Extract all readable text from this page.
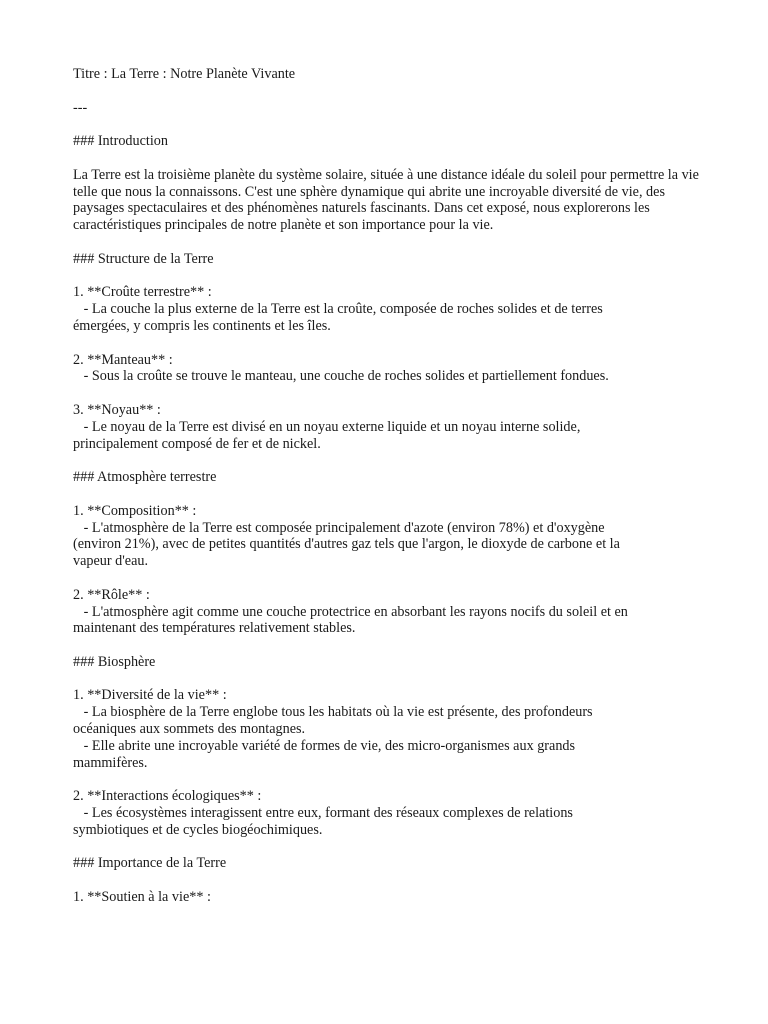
Titre : La Terre : Notre Planète Vivante
---
### Introduction
La Terre est la troisième planète du système solaire, située à une distance idéale du soleil pour permettre la vie telle que nous la connaissons. C'est une sphère dynamique qui abrite une incroyable diversité de vie, des paysages spectaculaires et des phénomènes naturels fascinants. Dans cet exposé, nous explorerons les caractéristiques principales de notre planète et son importance pour la vie.
### Structure de la Terre
1. **Croûte terrestre** :
- La couche la plus externe de la Terre est la croûte, composée de roches solides et de terres
émergées, y compris les continents et les îles.
2. **Manteau** :
- Sous la croûte se trouve le manteau, une couche de roches solides et partiellement fondues.
3. **Noyau** :
- Le noyau de la Terre est divisé en un noyau externe liquide et un noyau interne solide,
principalement composé de fer et de nickel.
### Atmosphère terrestre
1. **Composition** :
- L'atmosphère de la Terre est composée principalement d'azote (environ 78%) et d'oxygène
(environ 21%), avec de petites quantités d'autres gaz tels que l'argon, le dioxyde de carbone et la
vapeur d'eau.
2. **Rôle** :
- L'atmosphère agit comme une couche protectrice en absorbant les rayons nocifs du soleil et en
maintenant des températures relativement stables.
### Biosphère
1. **Diversité de la vie** :
- La biosphère de la Terre englobe tous les habitats où la vie est présente, des profondeurs
océaniques aux sommets des montagnes.
- Elle abrite une incroyable variété de formes de vie, des micro-organismes aux grands
mammifères.
2. **Interactions écologiques** :
- Les écosystèmes interagissent entre eux, formant des réseaux complexes de relations
symbiotiques et de cycles biogéochimiques.
### Importance de la Terre
1. **Soutien à la vie** :
